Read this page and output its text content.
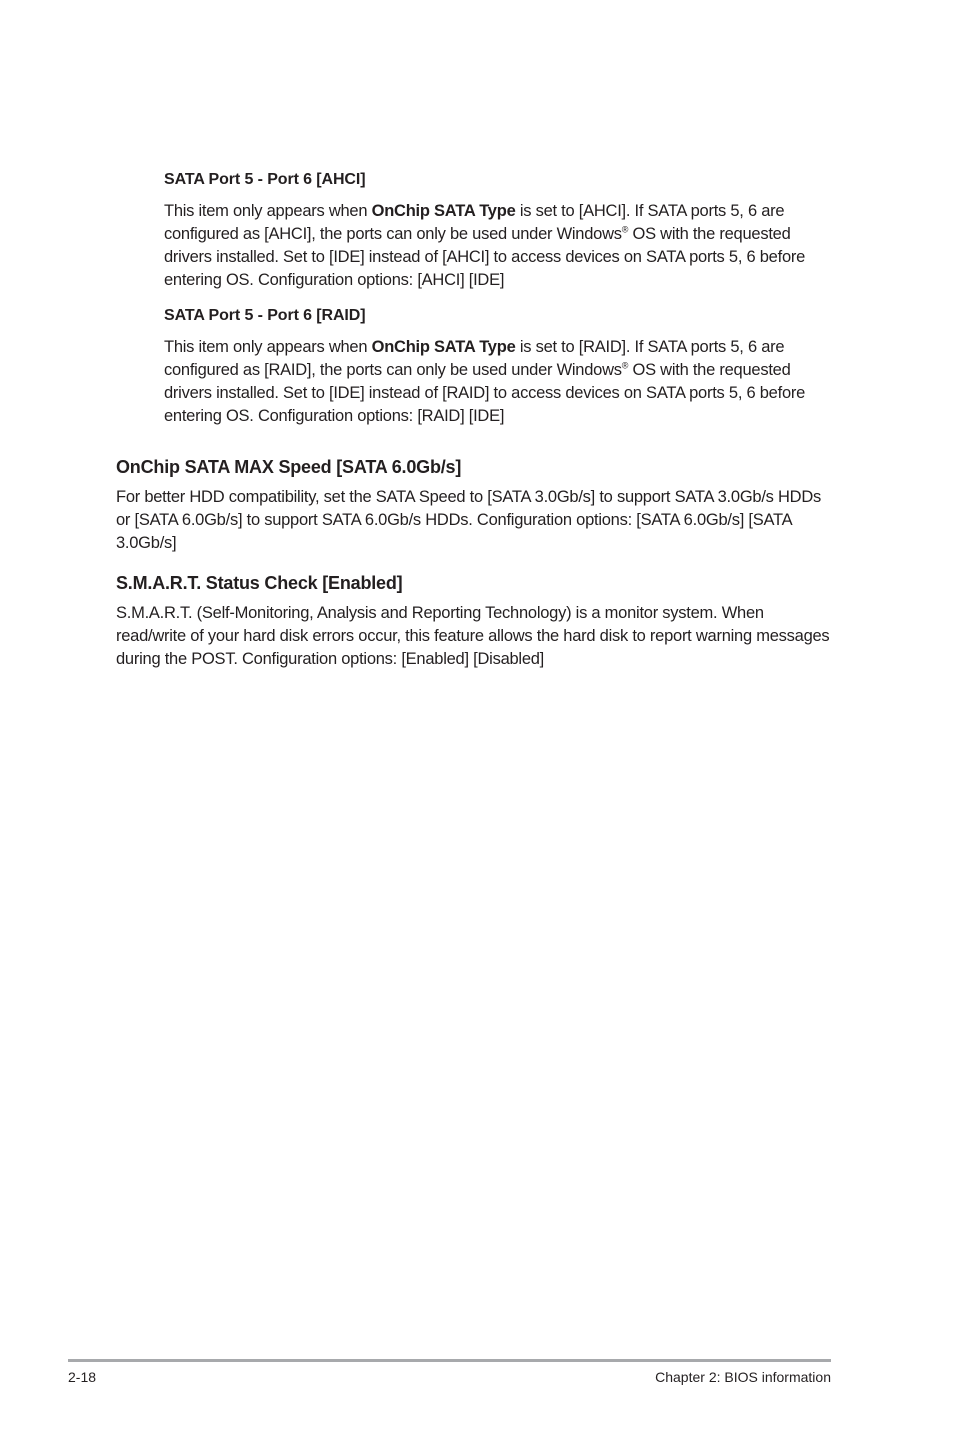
SATA Port 5 - Port 6 [AHCI]

This item only appears when OnChip SATA Type is set to [AHCI]. If SATA ports 5, 6 are configured as [AHCI], the ports can only be used under Windows® OS with the requested drivers installed. Set to [IDE] instead of [AHCI] to access devices on SATA ports 5, 6 before entering OS. Configuration options: [AHCI] [IDE]

SATA Port 5 - Port 6 [RAID]

This item only appears when OnChip SATA Type is set to [RAID]. If SATA ports 5, 6 are configured as [RAID], the ports can only be used under Windows® OS with the requested drivers installed. Set to [IDE] instead of [RAID] to access devices on SATA ports 5, 6 before entering OS. Configuration options: [RAID] [IDE]

OnChip SATA MAX Speed [SATA 6.0Gb/s]

For better HDD compatibility, set the SATA Speed to [SATA 3.0Gb/s] to support SATA 3.0Gb/s HDDs or [SATA 6.0Gb/s] to support SATA 6.0Gb/s HDDs. Configuration options: [SATA 6.0Gb/s] [SATA 3.0Gb/s]

S.M.A.R.T. Status Check [Enabled]

S.M.A.R.T. (Self-Monitoring, Analysis and Reporting Technology) is a monitor system. When read/write of your hard disk errors occur, this feature allows the hard disk to report warning messages during the POST. Configuration options: [Enabled] [Disabled]

2-18	Chapter 2: BIOS information
